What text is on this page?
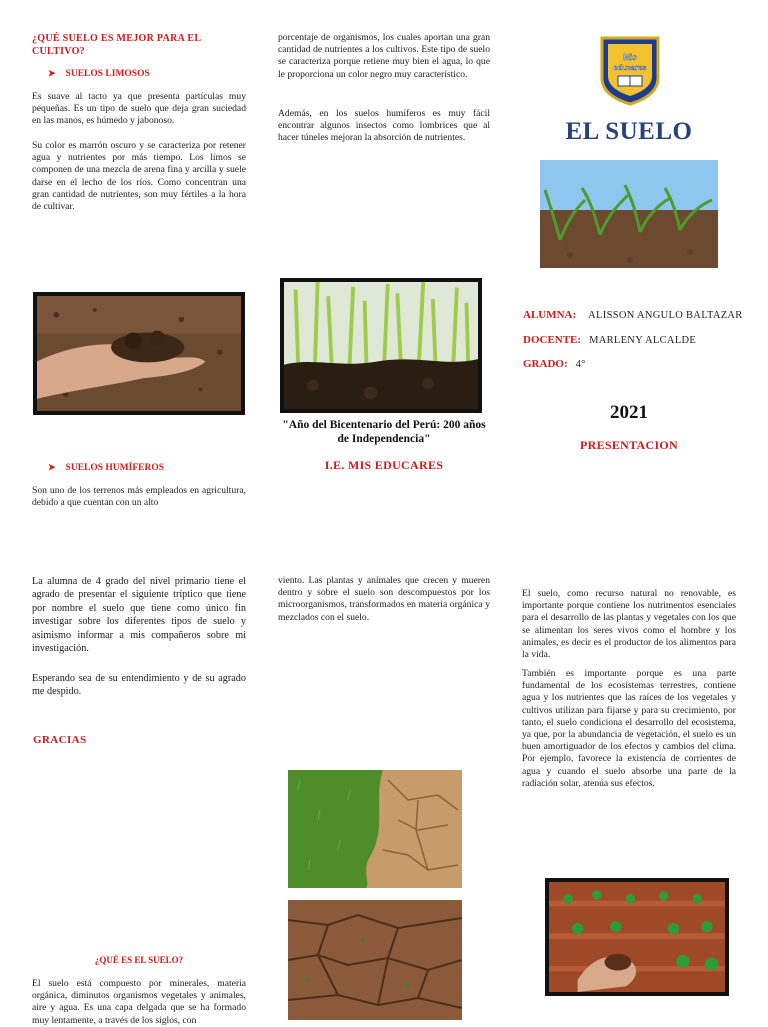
¿QUÉ SUELO ES MEJOR PARA EL CULTIVO?
➤ SUELOS LIMOSOS

Es suave al tacto ya que presenta partículas muy pequeñas. Es un tipo de suelo que deja gran suciedad en las manos, es húmedo y jabonoso.

Su color es marrón oscuro y se caracteriza por retener agua y nutrientes por más tiempo. Los limos se componen de una mezcla de arena fina y arcilla y suele darse en el lecho de los ríos. Como concentran una gran cantidad de nutrientes, son muy fértiles a la hora de cultivar.

➤ SUELOS HUMÍFEROS

Son uno de los terrenos más empleados en agricultura, debido a que cuentan con un alto

porcentaje de organismos, los cuales aportan una gran cantidad de nutrientes a los cultivos. Este tipo de suelo se caracteriza porque retiene muy bien el agua, lo que le proporciona un color negro muy característico.

Además, en los suelos humíferos es muy fácil encontrar algunos insectos como lombrices que al hacer túneles mejoran la absorción de nutrientes.

"Año del Bicentenario del Perú: 200 años de Independencia"
I.E. MIS EDUCARES
Mis
educares
EL SUELO
ALUMNA: ALISSON ANGULO BALTAZAR
DOCENTE: MARLENY ALCALDE
GRADO: 4°
2021
PRESENTACION

La alumna de 4 grado del nivel primario tiene el agrado de presentar el siguiente tríptico que tiene por nombre el suelo que tiene como único fin investigar sobre los diferentes tipos de suelo y asimismo informar a mis compañeros sobre mi investigación.

Esperando sea de su entendimiento y de su agrado me despido.

GRACIAS
¿QUÉ ES EL SUELO?

El suelo está compuesto por minerales, materia orgánica, diminutos organismos vegetales y animales, aire y agua. Es una capa delgada que se ha formado muy lentamente, a través de los siglos, con

viento. Las plantas y animales que crecen y mueren dentro y sobre el suelo son descompuestos por los microorganismos, transformados en materia orgánica y mezclados con el suelo.

El suelo, como recurso natural no renovable, es importante porque contiene los nutrimentos esenciales para el desarrollo de las plantas y vegetales con los que se alimentan los seres vivos como el hombre y los animales, es decir es el productor de los alimentos para la vida.

También es importante porque es una parte fundamental de los ecosistemas terrestres, contiene agua y los nutrientes que las raíces de los vegetales y cultivos utilizan para fijarse y para su crecimiento, por tanto, el suelo condiciona el desarrollo del ecosistema, ya que, por la abundancia de vegetación, el suelo es un buen amortiguador de los efectos y cambios del clima. Por ejemplo, favorece la existencia de corrientes de agua y cuando el suelo absorbe una parte de la radiación solar, atenúa sus efectos.
